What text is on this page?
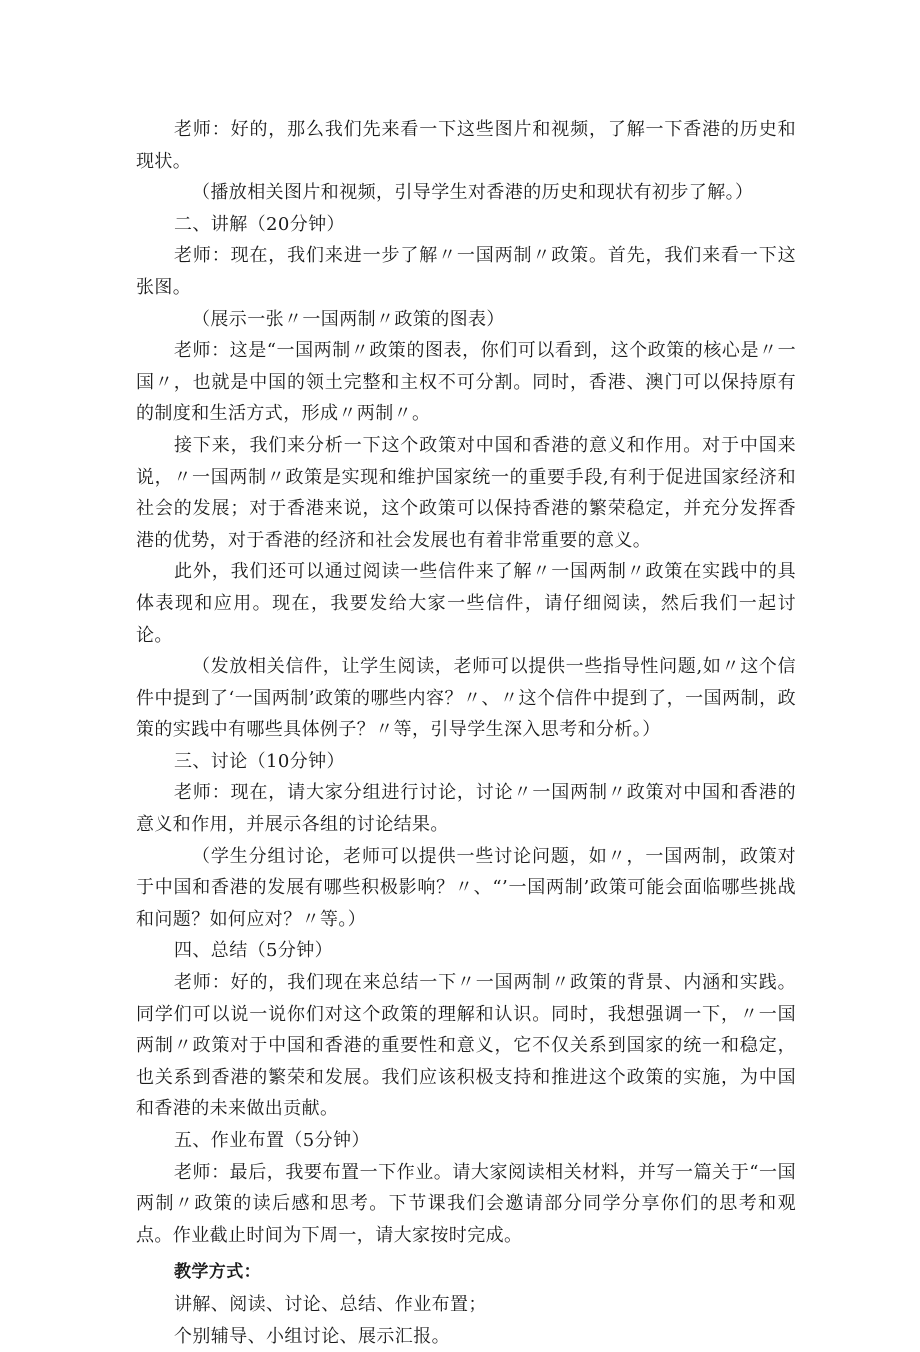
老师：好的，那么我们先来看一下这些图片和视频，了解一下香港的历史和现状。

（播放相关图片和视频，引导学生对香港的历史和现状有初步了解。）

二、讲解（20分钟）

老师：现在，我们来进一步了解〃一国两制〃政策。首先，我们来看一下这张图。

（展示一张〃一国两制〃政策的图表）

老师：这是“一国两制〃政策的图表，你们可以看到，这个政策的核心是〃一国〃，也就是中国的领土完整和主权不可分割。同时，香港、澳门可以保持原有的制度和生活方式，形成〃两制〃。

接下来，我们来分析一下这个政策对中国和香港的意义和作用。对于中国来说，〃一国两制〃政策是实现和维护国家统一的重要手段,有利于促进国家经济和社会的发展；对于香港来说，这个政策可以保持香港的繁荣稳定，并充分发挥香港的优势，对于香港的经济和社会发展也有着非常重要的意义。

此外，我们还可以通过阅读一些信件来了解〃一国两制〃政策在实践中的具体表现和应用。现在，我要发给大家一些信件，请仔细阅读，然后我们一起讨论。

（发放相关信件，让学生阅读，老师可以提供一些指导性问题,如〃这个信件中提到了‘一国两制’政策的哪些内容？〃、〃这个信件中提到了，一国两制，政策的实践中有哪些具体例子？〃等，引导学生深入思考和分析。）

三、讨论（10分钟）

老师：现在，请大家分组进行讨论，讨论〃一国两制〃政策对中国和香港的意义和作用，并展示各组的讨论结果。

（学生分组讨论，老师可以提供一些讨论问题，如〃，一国两制，政策对于中国和香港的发展有哪些积极影响？〃、“’一国两制’政策可能会面临哪些挑战和问题？如何应对？〃等。）

四、总结（5分钟）

老师：好的，我们现在来总结一下〃一国两制〃政策的背景、内涵和实践。同学们可以说一说你们对这个政策的理解和认识。同时，我想强调一下，〃一国两制〃政策对于中国和香港的重要性和意义，它不仅关系到国家的统一和稳定，也关系到香港的繁荣和发展。我们应该积极支持和推进这个政策的实施，为中国和香港的未来做出贡献。

五、作业布置（5分钟）

老师：最后，我要布置一下作业。请大家阅读相关材料，并写一篇关于“一国两制〃政策的读后感和思考。下节课我们会邀请部分同学分享你们的思考和观点。作业截止时间为下周一，请大家按时完成。

教学方式：

讲解、阅读、讨论、总结、作业布置；

个别辅导、小组讨论、展示汇报。
